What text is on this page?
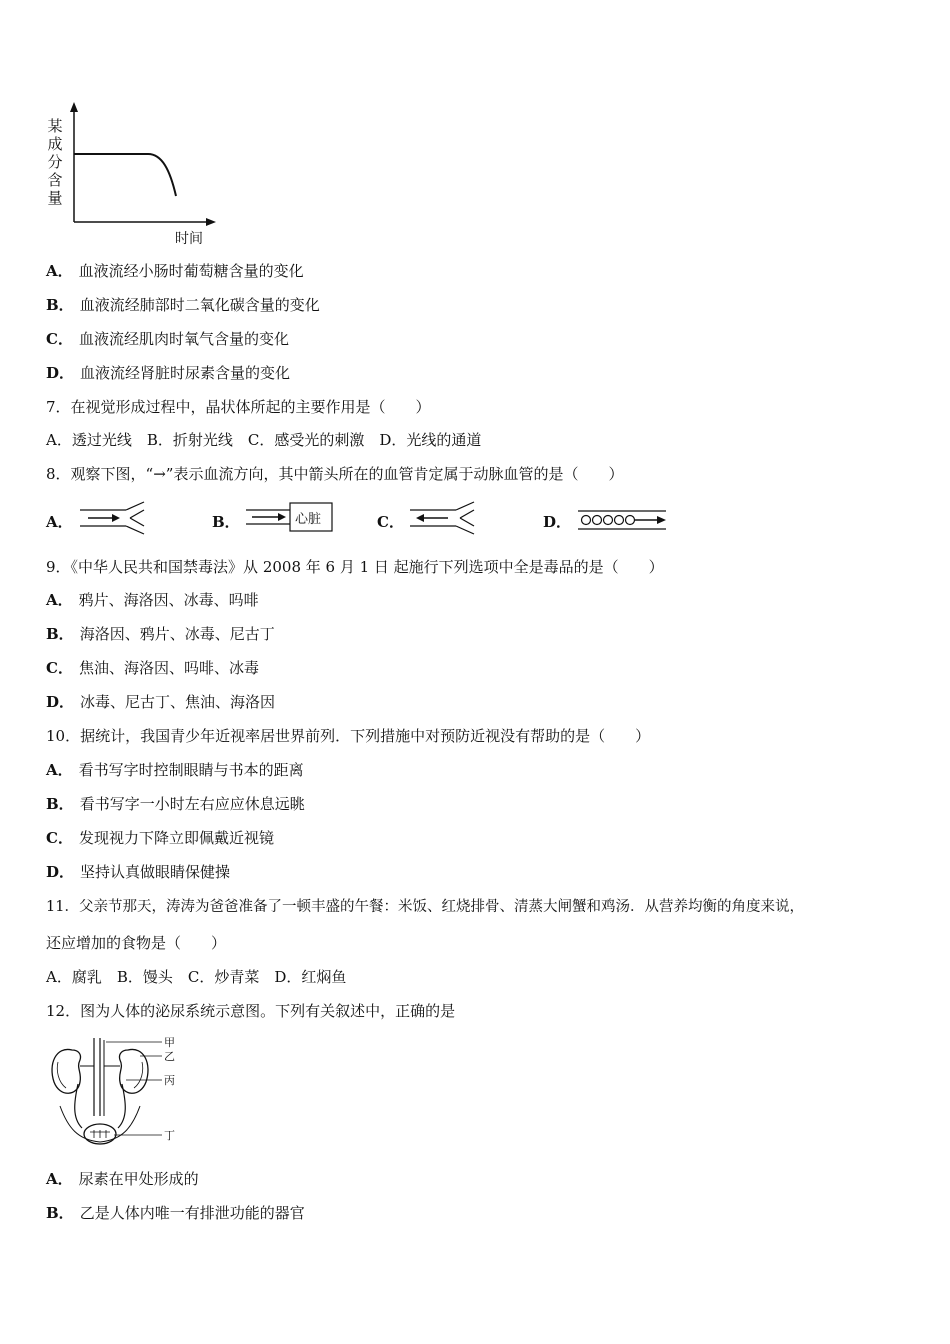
某
成
分
含
量
时间
A． 血液流经小肠时葡萄糖含量的变化
B． 血液流经肺部时二氧化碳含量的变化
C． 血液流经肌肉时氧气含量的变化
D． 血液流经肾脏时尿素含量的变化
7．在视觉形成过程中，晶状体所起的主要作用是（　　）
A．透过光线　B．折射光线　C．感受光的刺激　D．光线的通道
8．观察下图，“→”表示血流方向，其中箭头所在的血管肯定属于动脉血管的是（　　）
A．	B．	心脏	C．	D．
9．《中华人民共和国禁毒法》从 2008 年 6 月 1 日 起施行下列选项中全是毒品的是（　　）
A． 鸦片、海洛因、冰毒、吗啡
B． 海洛因、鸦片、冰毒、尼古丁
C． 焦油、海洛因、吗啡、冰毒
D． 冰毒、尼古丁、焦油、海洛因
10．据统计，我国青少年近视率居世界前列．下列措施中对预防近视没有帮助的是（　　）
A． 看书写字时控制眼睛与书本的距离
B． 看书写字一小时左右应应休息远眺
C． 发现视力下降立即佩戴近视镜
D． 坚持认真做眼睛保健操
11．父亲节那天，涛涛为爸爸准备了一顿丰盛的午餐：米饭、红烧排骨、清蒸大闸蟹和鸡汤．从营养均衡的角度来说，
还应增加的食物是（　　）
A．腐乳　B．馒头　C．炒青菜　D．红焖鱼
12．图为人体的泌尿系统示意图。下列有关叙述中，正确的是
甲
乙
丙
丁
A． 尿素在甲处形成的
B． 乙是人体内唯一有排泄功能的器官
